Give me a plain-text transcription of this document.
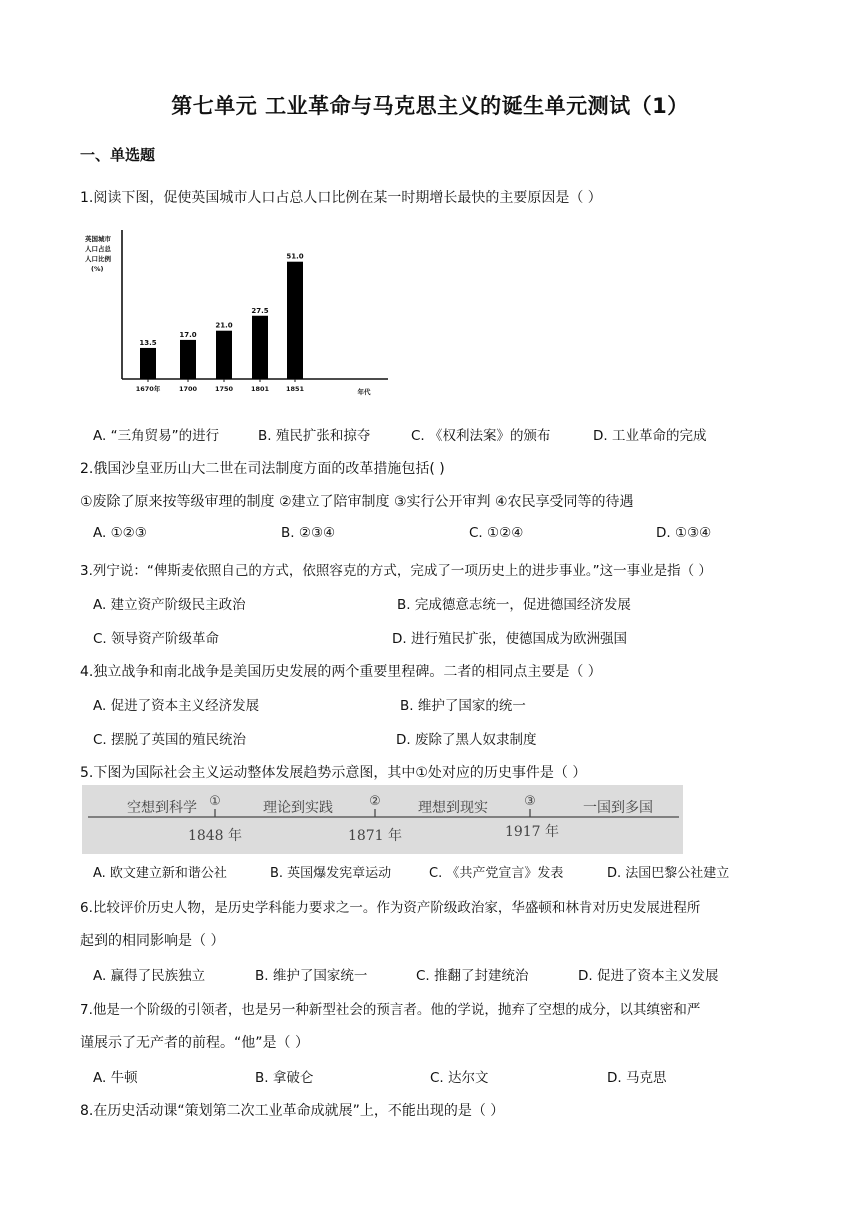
第七单元 工业革命与马克思主义的诞生单元测试（1）
一、单选题
1.阅读下图，促使英国城市人口占总人口比例在某一时期增长最快的主要原因是（ ）
英国城市人口占总人口比例(%)
年代
13.5
1670年
17.0
1700
21.0
1750
27.5
1801
51.0
1851
A. “三角贸易”的进行	B. 殖民扩张和掠夺	C. 《权利法案》的颁布	D. 工业革命的完成
2.俄国沙皇亚历山大二世在司法制度方面的改革措施包括( )
①废除了原来按等级审理的制度 ②建立了陪审制度 ③实行公开审判 ④农民享受同等的待遇
A. ①②③	B. ②③④	C. ①②④	D. ①③④
3.列宁说：“俾斯麦依照自己的方式，依照容克的方式，完成了一项历史上的进步事业。”这一事业是指（ ）
A. 建立资产阶级民主政治	B. 完成德意志统一，促进德国经济发展
C. 领导资产阶级革命	D. 进行殖民扩张，使德国成为欧洲强国
4.独立战争和南北战争是美国历史发展的两个重要里程碑。二者的相同点主要是（ ）
A. 促进了资本主义经济发展	B. 维护了国家的统一
C. 摆脱了英国的殖民统治	D. 废除了黑人奴隶制度
5.下图为国际社会主义运动整体发展趋势示意图，其中①处对应的历史事件是（ ）
空想到科学	理论到实践	理想到现实	一国到多国
①	②	③
1848 年	1871 年	1917 年
A. 欧文建立新和谐公社	B. 英国爆发宪章运动	C. 《共产党宣言》发表	D. 法国巴黎公社建立
6.比较评价历史人物，是历史学科能力要求之一。作为资产阶级政治家，华盛顿和林肯对历史发展进程所
起到的相同影响是（ ）
A. 赢得了民族独立	B. 维护了国家统一	C. 推翻了封建统治	D. 促进了资本主义发展
7.他是一个阶级的引领者，也是另一种新型社会的预言者。他的学说，抛弃了空想的成分，以其缜密和严
谨展示了无产者的前程。“他”是（ ）
A. 牛顿	B. 拿破仑	C. 达尔文	D. 马克思
8.在历史活动课“策划第二次工业革命成就展”上，不能出现的是（ ）
